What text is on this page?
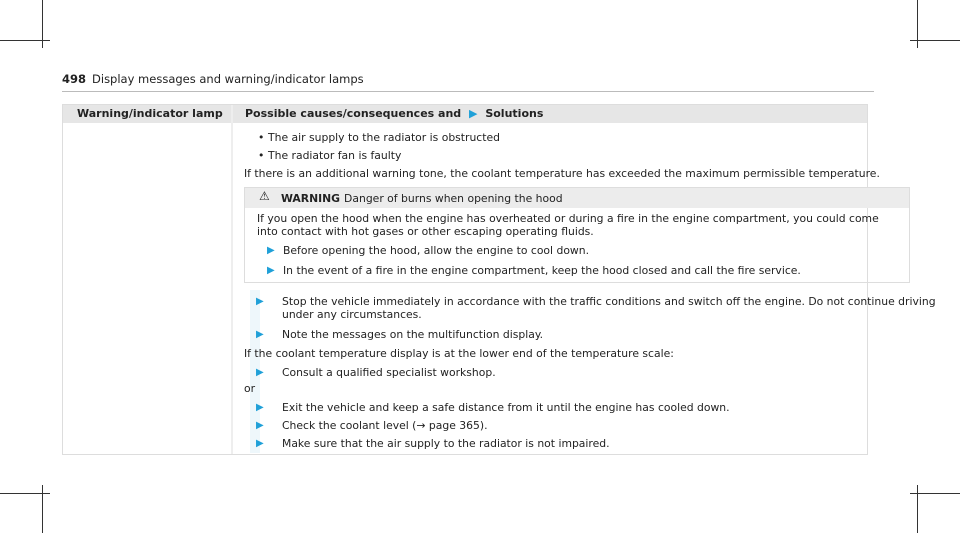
498 Display messages and warning/indicator lamps
Warning/indicator lamp	Possible causes/consequences and ▶ Solutions
• The air supply to the radiator is obstructed
• The radiator fan is faulty
If there is an additional warning tone, the coolant temperature has exceeded the maximum permissible temperature.
⚠ WARNING Danger of burns when opening the hood
If you open the hood when the engine has overheated or during a fire in the engine compartment, you could come into contact with hot gases or other escaping operating fluids.
▶ Before opening the hood, allow the engine to cool down.
▶ In the event of a fire in the engine compartment, keep the hood closed and call the fire service.
▶ Stop the vehicle immediately in accordance with the traffic conditions and switch off the engine. Do not continue driving under any circumstances.
▶ Note the messages on the multifunction display.
If the coolant temperature display is at the lower end of the temperature scale:
▶ Consult a qualified specialist workshop.
or
▶ Exit the vehicle and keep a safe distance from it until the engine has cooled down.
▶ Check the coolant level (→ page 365).
▶ Make sure that the air supply to the radiator is not impaired.
